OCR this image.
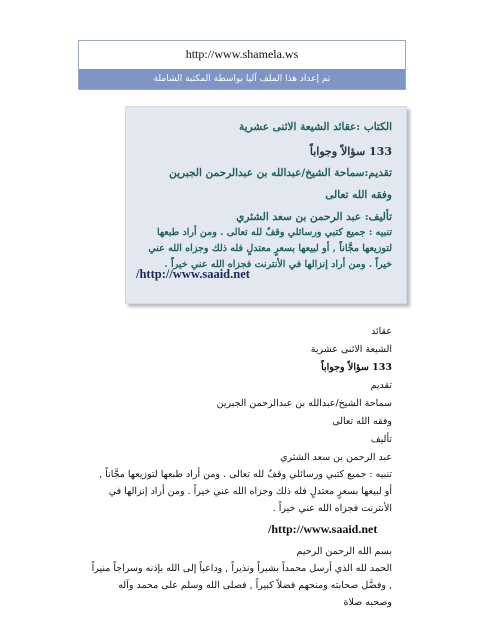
http://www.shamela.ws
تم إعداد هذا الملف آليا بواسطة المكتبة الشاملة
الكتاب :عقائد الشيعة الاثنى عشرية
133 سؤالاً وجواباً
تقديم:سماحة الشيخ/عبدالله بن عبدالرحمن الجبرين
وفقه الله تعالى
تأليف: عبد الرحمن بن سعد الشثري
تنبيه : جميع كتبي ورسائلي وقفٌ لله تعالى . ومن أراد طبعها لتوزيعها مجَّاناً , أو لبيعها بسعرٍ معتدلٍ فله ذلك وجزاه الله عني خيراً . ومن أراد إنزالها في الأنترنت فجزاه الله عني خيراً .
/http://www.saaid.net
عقائد
الشيعة الاثنى عشرية
133 سؤالاً وجواباً
تقديم
سماحة الشيخ/عبدالله بن عبدالرحمن الجبرين
وفقه الله تعالى
تأليف
عبد الرحمن بن سعد الشثري
تنبيه : جميع كتبي ورسائلي وقفٌ لله تعالى . ومن أراد طبعها لتوزيعها مجَّاناً , أو لبيعها بسعرٍ معتدلٍ فله ذلك وجزاه الله عني خيراً . ومن أراد إنزالها في الأنترنت فجزاه الله عني خيراً .
/http://www.saaid.net
بسم الله الرحمن الرحيم
الحمد لله الذي أرسل محمداً بشيراً ونذيراً , وداعياً إلى الله بإذنه وسراجاً منيراً , وفضَّل صحابته ومنحهم فضلاً كبيراً , فصلى الله وسلم على محمد وآله وصحبه صلاة
